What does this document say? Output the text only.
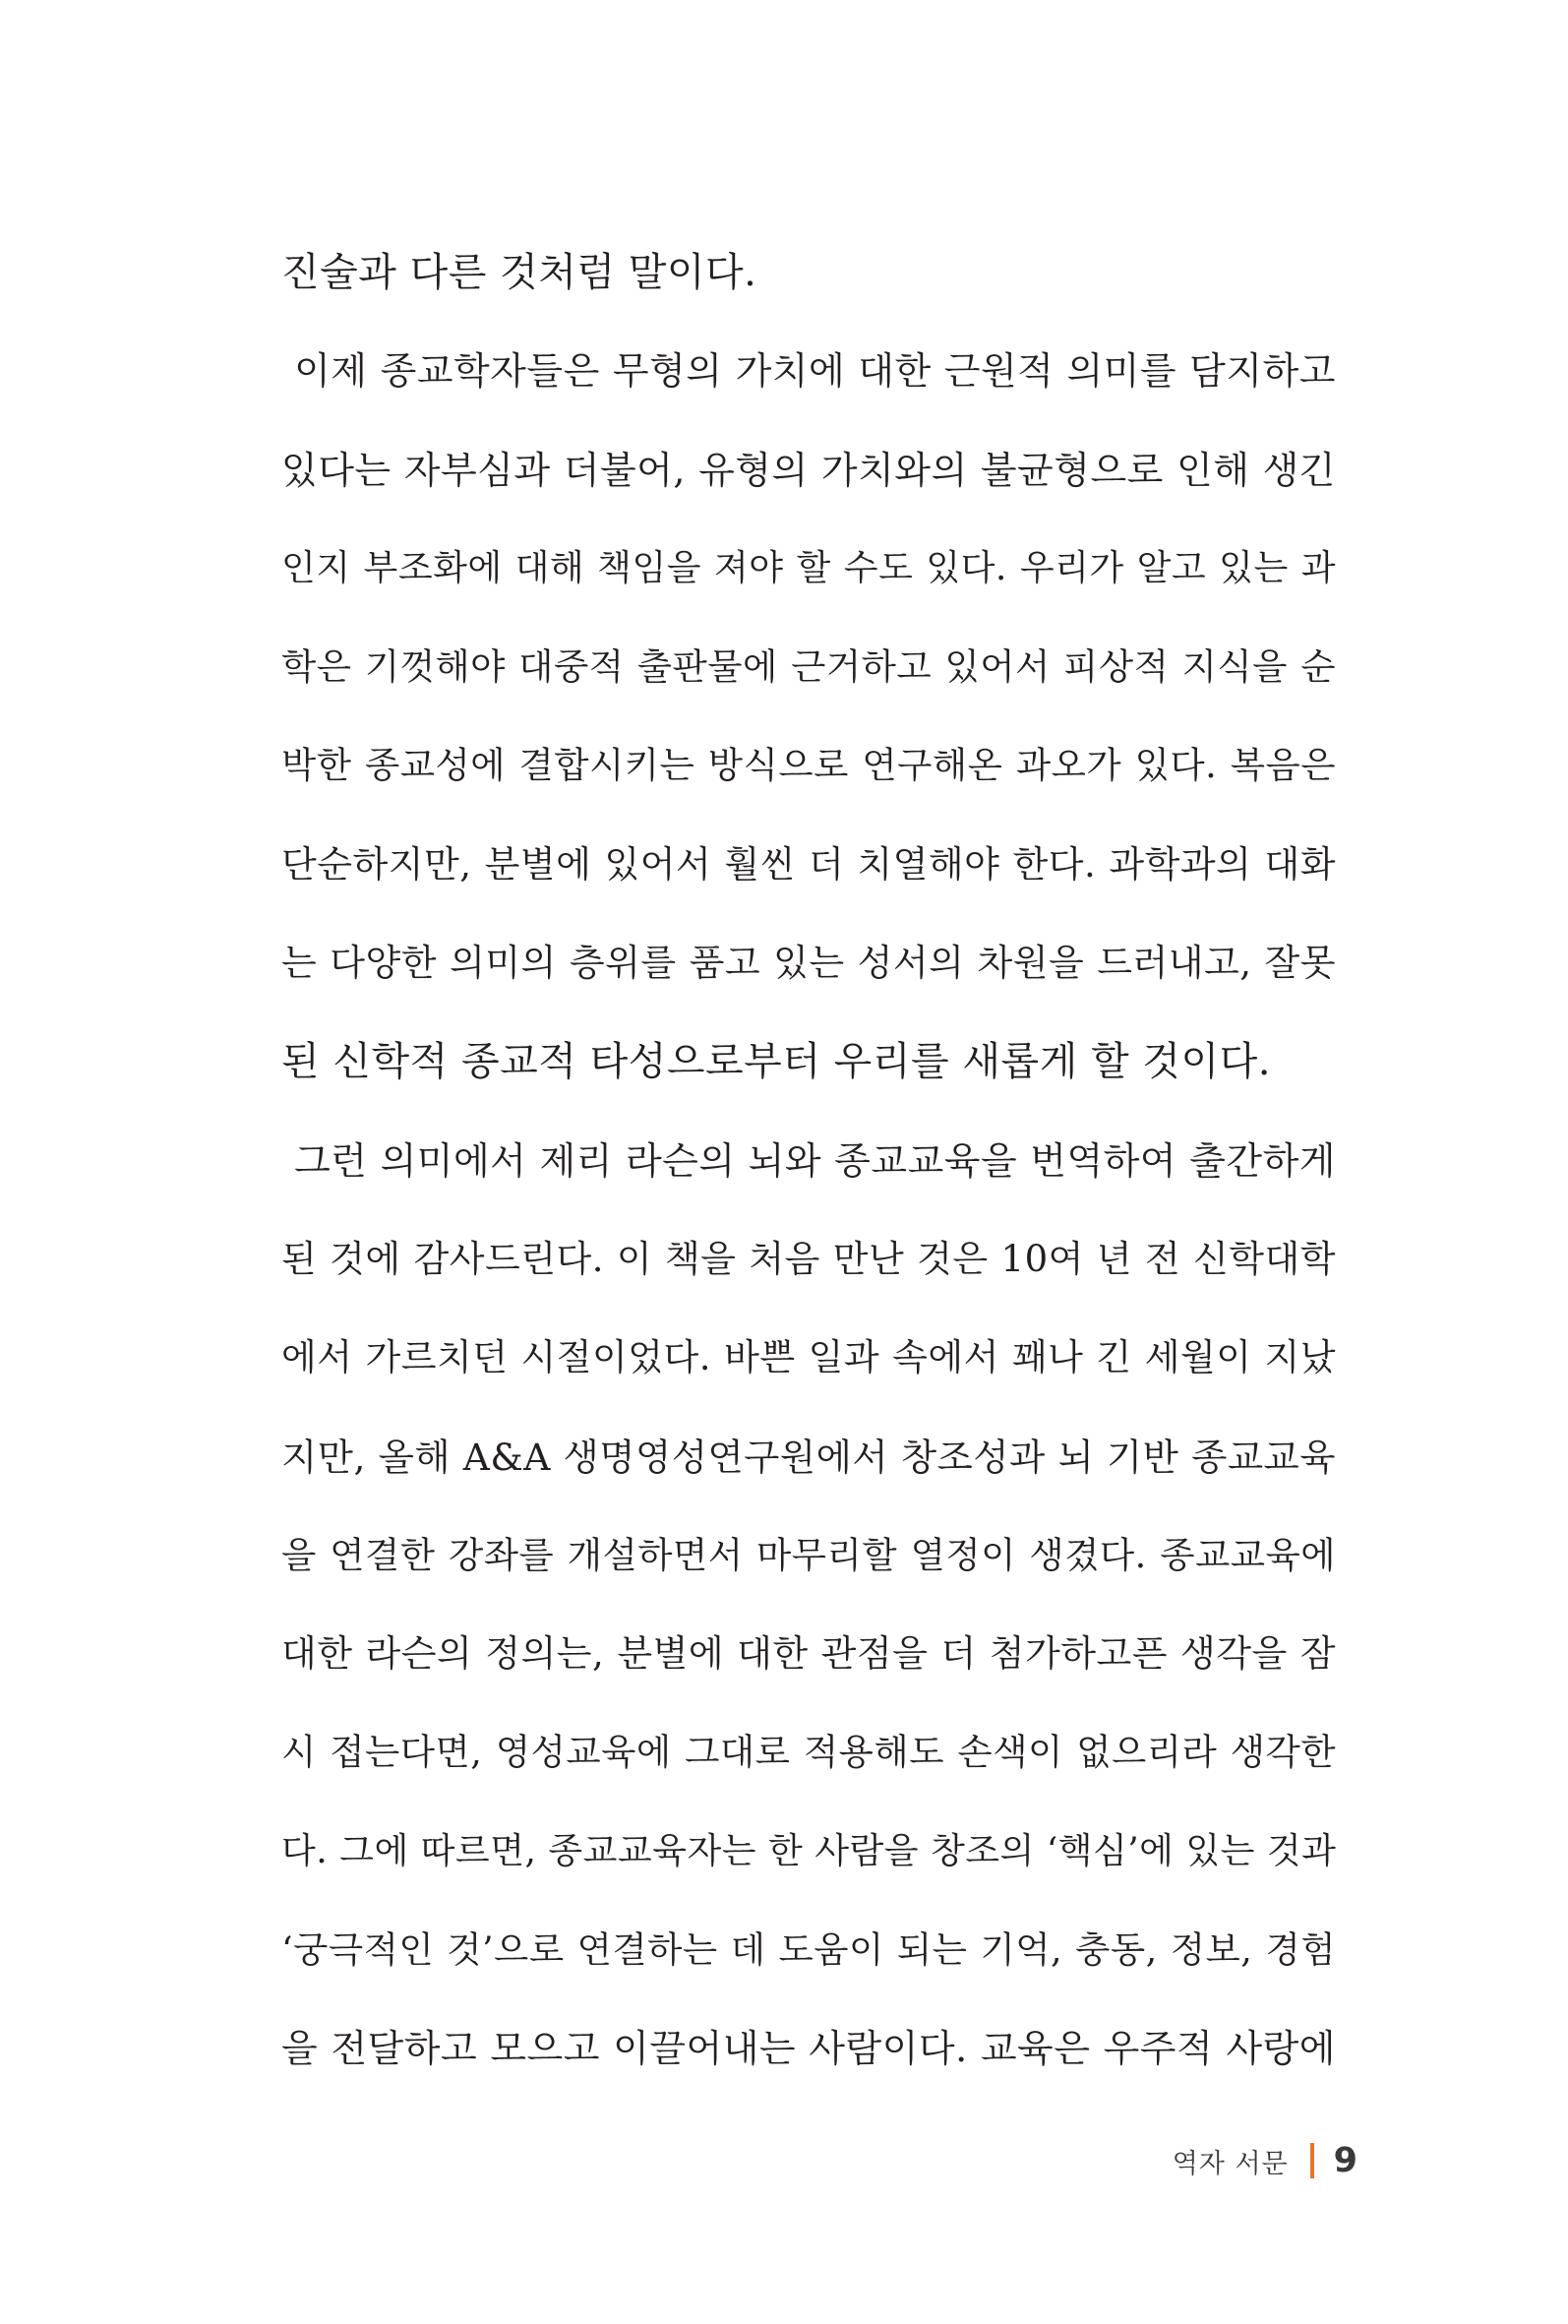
진술과 다른 것처럼 말이다.
이제 종교학자들은 무형의 가치에 대한 근원적 의미를 담지하고
있다는 자부심과 더불어, 유형의 가치와의 불균형으로 인해 생긴
인지 부조화에 대해 책임을 져야 할 수도 있다. 우리가 알고 있는 과
학은 기껏해야 대중적 출판물에 근거하고 있어서 피상적 지식을 순
박한 종교성에 결합시키는 방식으로 연구해온 과오가 있다. 복음은
단순하지만, 분별에 있어서 훨씬 더 치열해야 한다. 과학과의 대화
는 다양한 의미의 층위를 품고 있는 성서의 차원을 드러내고, 잘못
된 신학적 종교적 타성으로부터 우리를 새롭게 할 것이다.
그런 의미에서 제리 라슨의 뇌와 종교교육을 번역하여 출간하게
된 것에 감사드린다. 이 책을 처음 만난 것은 10여 년 전 신학대학
에서 가르치던 시절이었다. 바쁜 일과 속에서 꽤나 긴 세월이 지났
지만, 올해 A&A 생명영성연구원에서 창조성과 뇌 기반 종교교육
을 연결한 강좌를 개설하면서 마무리할 열정이 생겼다. 종교교육에
대한 라슨의 정의는, 분별에 대한 관점을 더 첨가하고픈 생각을 잠
시 접는다면, 영성교육에 그대로 적용해도 손색이 없으리라 생각한
다. 그에 따르면, 종교교육자는 한 사람을 창조의 ‘핵심’에 있는 것과
‘궁극적인 것’으로 연결하는 데 도움이 되는 기억, 충동, 정보, 경험
을 전달하고 모으고 이끌어내는 사람이다. 교육은 우주적 사랑에
역자 서문 9
